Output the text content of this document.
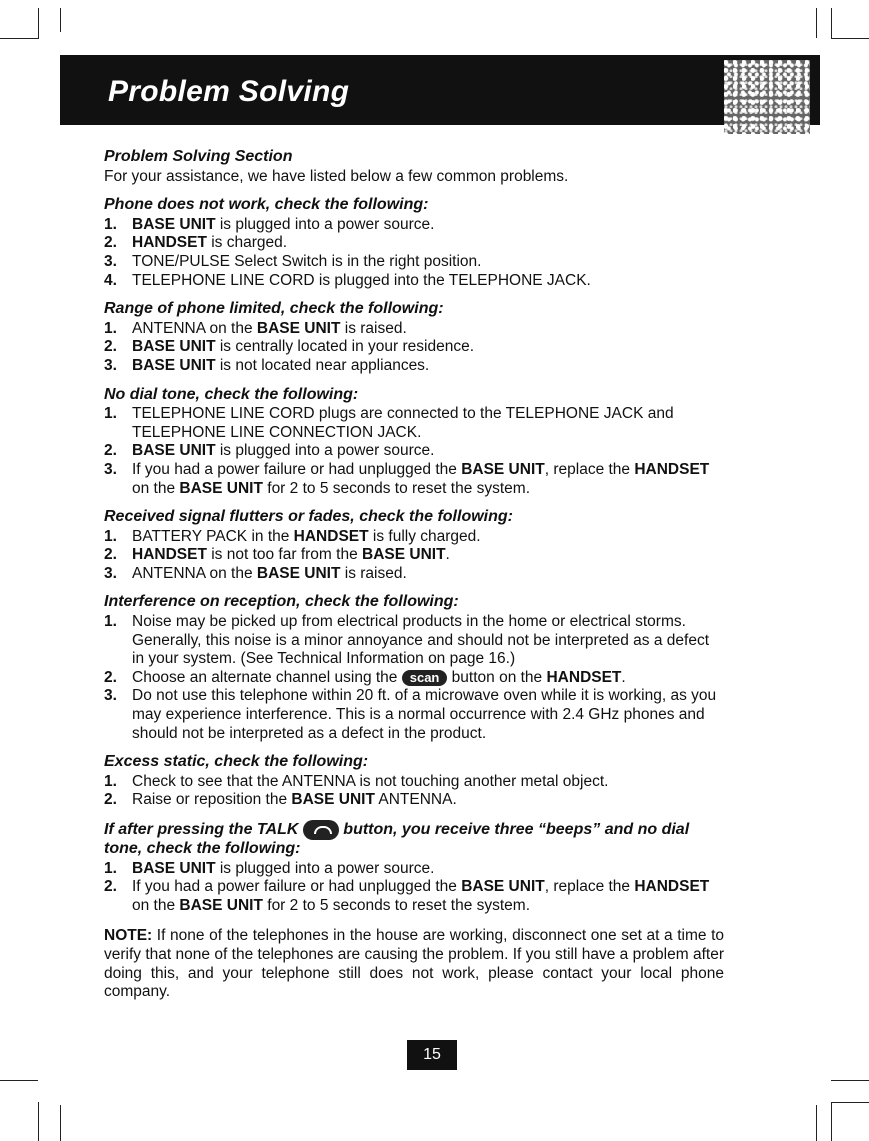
Problem Solving
Problem Solving Section
For your assistance, we have listed below a few common problems.
Phone does not work, check the following:
1. BASE UNIT is plugged into a power source.
2. HANDSET is charged.
3. TONE/PULSE Select Switch is in the right position.
4. TELEPHONE LINE CORD is plugged into the TELEPHONE JACK.
Range of phone limited, check the following:
1. ANTENNA on the BASE UNIT is raised.
2. BASE UNIT is centrally located in your residence.
3. BASE UNIT is not located near appliances.
No dial tone, check the following:
1. TELEPHONE LINE CORD plugs are connected to the TELEPHONE JACK and TELEPHONE LINE CONNECTION JACK.
2. BASE UNIT is plugged into a power source.
3. If you had a power failure or had unplugged the BASE UNIT, replace the HANDSET on the BASE UNIT for 2 to 5 seconds to reset the system.
Received signal flutters or fades, check the following:
1. BATTERY PACK in the HANDSET is fully charged.
2. HANDSET is not too far from the BASE UNIT.
3. ANTENNA on the BASE UNIT is raised.
Interference on reception, check the following:
1. Noise may be picked up from electrical products in the home or electrical storms. Generally, this noise is a minor annoyance and should not be interpreted as a defect in your system. (See Technical Information on page 16.)
2. Choose an alternate channel using the scan button on the HANDSET.
3. Do not use this telephone within 20 ft. of a microwave oven while it is working, as you may experience interference. This is a normal occurrence with 2.4 GHz phones and should not be interpreted as a defect in the product.
Excess static, check the following:
1. Check to see that the ANTENNA is not touching another metal object.
2. Raise or reposition the BASE UNIT ANTENNA.
If after pressing the TALK  button, you receive three “beeps” and no dial tone, check the following:
1. BASE UNIT is plugged into a power source.
2. If you had a power failure or had unplugged the BASE UNIT, replace the HANDSET on the BASE UNIT for 2 to 5 seconds to reset the system.
NOTE: If none of the telephones in the house are working, disconnect one set at a time to verify that none of the telephones are causing the problem. If you still have a problem after doing this, and your telephone still does not work, please contact your local phone company.
15
